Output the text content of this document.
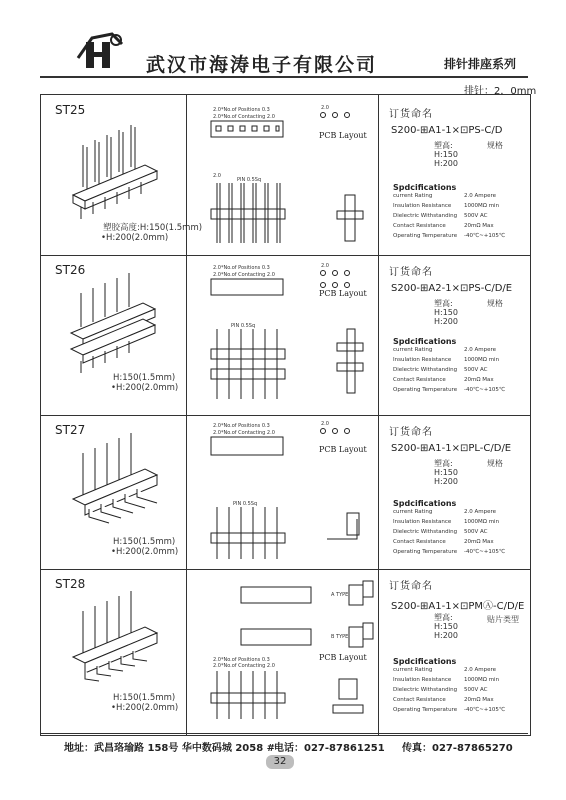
武汉市海涛电子有限公司	排针排座系列
排针：2．0mm
ST25
塑胶高度:H:150(1.5mm)
•H:200(2.0mm)
2.0*No.of Positions 0.3
2.0*No.of Contacting 2.0
2.0
PCB Layout
2.0
PIN 0.5Sq
订货命名
S200-⊞A1-1×⊡PS-C/D
塑高:
H:150
H:200
规格
Spdcifications
current Rating	2.0 Ampere
Insulation Resistance 1000MΩ min
Dielectric Withstanding 500V AC
Contact Resistance	20mΩ Max
Operating Temperature -40℃~+105℃
ST26
H:150(1.5mm)
•H:200(2.0mm)
2.0*No.of Positions 0.3
2.0*No.of Contacting 2.0
2.0
PCB Layout
PIN 0.5Sq
订货命名
S200-⊞A2-1×⊡PS-C/D/E
塑高:
H:150
H:200
规格
Spdcifications
current Rating	2.0 Ampere
Insulation Resistance 1000MΩ min
Dielectric Withstanding 500V AC
Contact Resistance	20mΩ Max
Operating Temperature -40℃~+105℃
ST27
H:150(1.5mm)
•H:200(2.0mm)
2.0*No.of Positions 0.3
2.0*No.of Contacting 2.0
2.0
PCB Layout
PIN 0.5Sq
订货命名
S200-⊞A1-1×⊡PL-C/D/E
塑高:
H:150
H:200
规格
Spdcifications
current Rating	2.0 Ampere
Insulation Resistance 1000MΩ min
Dielectric Withstanding 500V AC
Contact Resistance	20mΩ Max
Operating Temperature -40℃~+105℃
ST28
H:150(1.5mm)
•H:200(2.0mm)
A TYPE
B TYPE
PCB Layout
2.0*No.of Positions 0.3
2.0*No.of Contacting 2.0
订货命名
S200-⊞A1-1×⊡PMⒶ-C/D/E
塑高:
H:150
H:200
贴片类型
Spdcifications
current Rating	2.0 Ampere
Insulation Resistance 1000MΩ min
Dielectric Withstanding 500V AC
Contact Resistance	20mΩ Max
Operating Temperature -40℃~+105℃
地址：武昌珞瑜路 158号 华中数码城 2058 #
电话：027-87861251 传真：027-87865270
32
